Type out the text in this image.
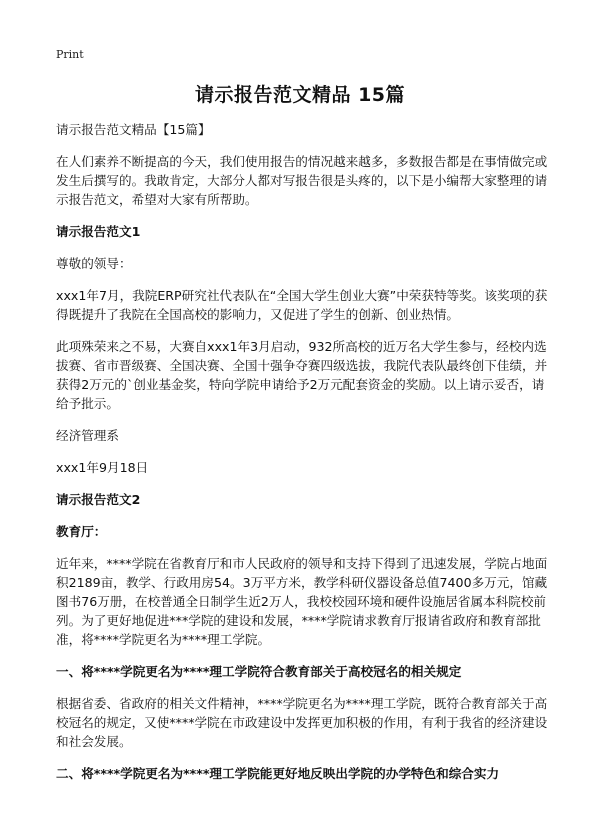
Print
请示报告范文精品 15篇

请示报告范文精品【15篇】

在人们素养不断提高的今天，我们使用报告的情况越来越多，多数报告都是在事情做完或发生后撰写的。我敢肯定，大部分人都对写报告很是头疼的，以下是小编帮大家整理的请示报告范文，希望对大家有所帮助。

请示报告范文1

尊敬的领导：

xxx1年7月，我院ERP研究社代表队在“全国大学生创业大赛”中荣获特等奖。该奖项的获得既提升了我院在全国高校的影响力，又促进了学生的创新、创业热情。

此项殊荣来之不易，大赛自xxx1年3月启动，932所高校的近万名大学生参与，经校内选拔赛、省市晋级赛、全国决赛、全国十强争夺赛四级选拔，我院代表队最终创下佳绩，并获得2万元的`创业基金奖，特向学院申请给予2万元配套资金的奖励。以上请示妥否，请给予批示。

经济管理系

xxx1年9月18日

请示报告范文2

教育厅：

近年来，****学院在省教育厅和市人民政府的领导和支持下得到了迅速发展，学院占地面积2189亩，教学、行政用房54。3万平方米，教学科研仪器设备总值7400多万元，馆藏图书76万册，在校普通全日制学生近2万人，我校校园环境和硬件设施居省属本科院校前列。为了更好地促进***学院的建设和发展，****学院请求教育厅报请省政府和教育部批准，将****学院更名为****理工学院。

一、将****学院更名为****理工学院符合教育部关于高校冠名的相关规定

根据省委、省政府的相关文件精神，****学院更名为****理工学院，既符合教育部关于高校冠名的规定，又使****学院在市政建设中发挥更加积极的作用，有利于我省的经济建设和社会发展。

二、将****学院更名为****理工学院能更好地反映出学院的办学特色和综合实力
